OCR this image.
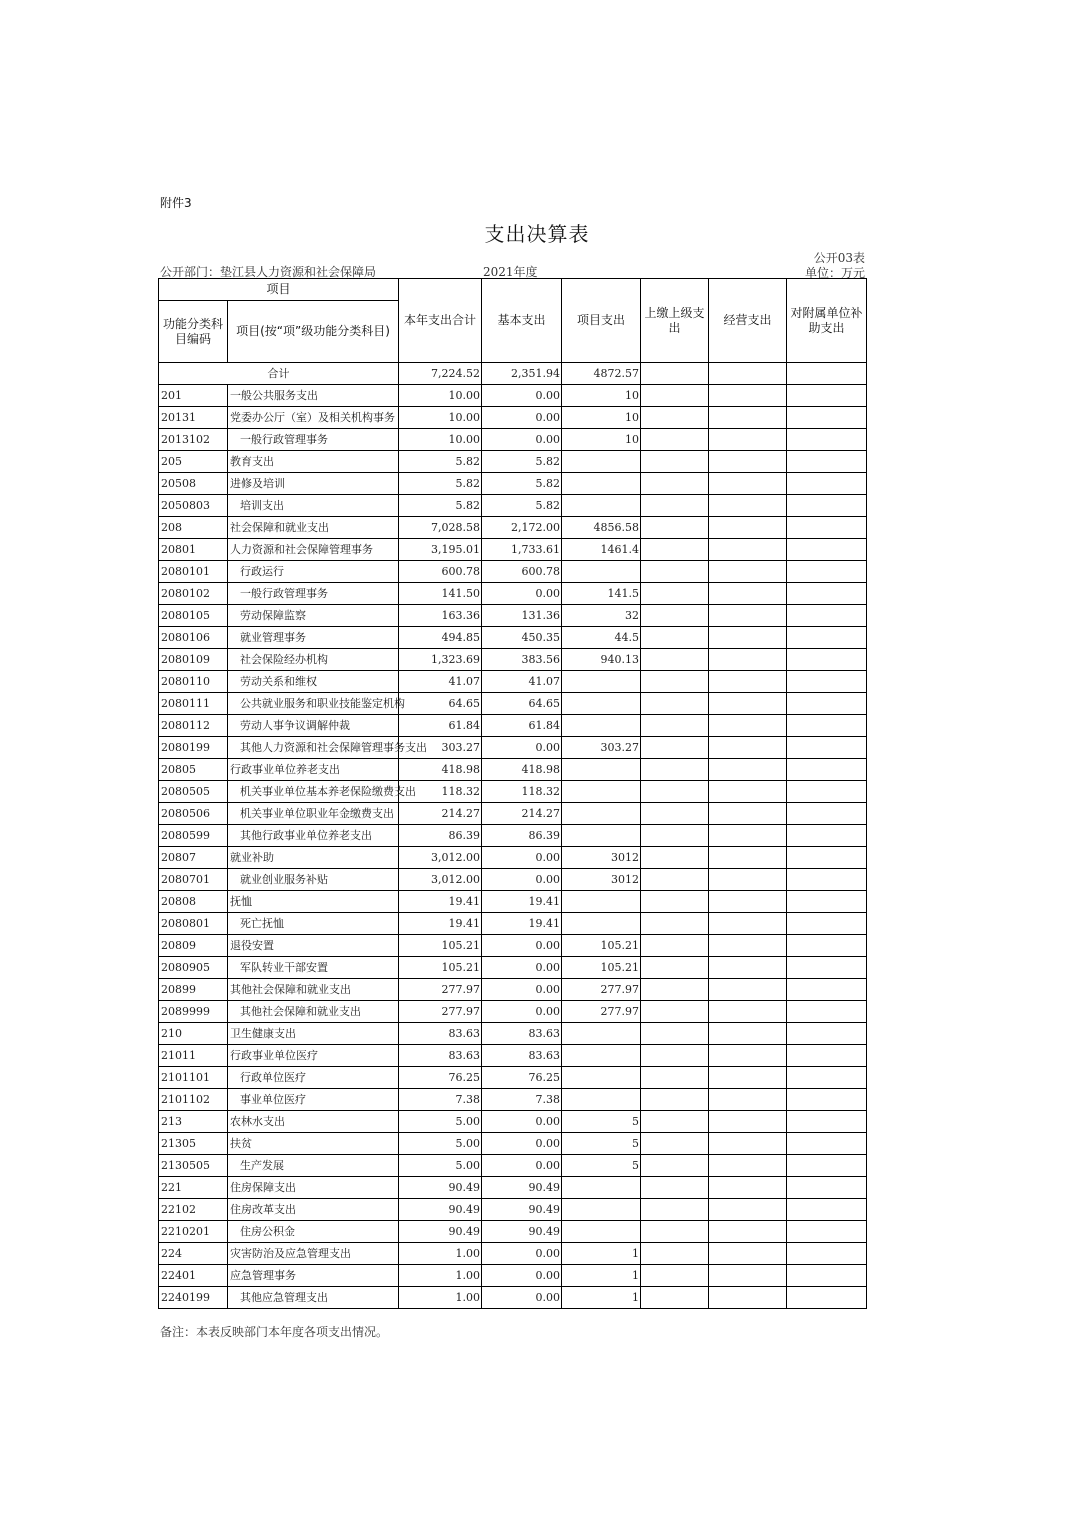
附件3
支出决算表
公开部门：垫江县人力资源和社会保障局	2021年度
公开03表
单位：万元
项目		本年支出合计	基本支出	项目支出	上缴上级支出	经营支出	对附属单位补助支出
功能分类科目编码	项目(按“项”级功能分类科目)						
合计		7,224.52	2,351.94	4872.57			
201	一般公共服务支出	10.00	0.00	10			
20131	党委办公厅（室）及相关机构事务	10.00	0.00	10			
2013102	一般行政管理事务	10.00	0.00	10			
205	教育支出	5.82	5.82				
20508	进修及培训	5.82	5.82				
2050803	培训支出	5.82	5.82				
208	社会保障和就业支出	7,028.58	2,172.00	4856.58			
20801	人力资源和社会保障管理事务	3,195.01	1,733.61	1461.4			
2080101	行政运行	600.78	600.78				
2080102	一般行政管理事务	141.50	0.00	141.5			
2080105	劳动保障监察	163.36	131.36	32			
2080106	就业管理事务	494.85	450.35	44.5			
2080109	社会保险经办机构	1,323.69	383.56	940.13			
2080110	劳动关系和维权	41.07	41.07				
2080111	公共就业服务和职业技能鉴定机构	64.65	64.65				
2080112	劳动人事争议调解仲裁	61.84	61.84				
2080199	其他人力资源和社会保障管理事务支出	303.27	0.00	303.27			
20805	行政事业单位养老支出	418.98	418.98				
2080505	机关事业单位基本养老保险缴费支出	118.32	118.32				
2080506	机关事业单位职业年金缴费支出	214.27	214.27				
2080599	其他行政事业单位养老支出	86.39	86.39				
20807	就业补助	3,012.00	0.00	3012			
2080701	就业创业服务补贴	3,012.00	0.00	3012			
20808	抚恤	19.41	19.41				
2080801	死亡抚恤	19.41	19.41				
20809	退役安置	105.21	0.00	105.21			
2080905	军队转业干部安置	105.21	0.00	105.21			
20899	其他社会保障和就业支出	277.97	0.00	277.97			
2089999	其他社会保障和就业支出	277.97	0.00	277.97			
210	卫生健康支出	83.63	83.63				
21011	行政事业单位医疗	83.63	83.63				
2101101	行政单位医疗	76.25	76.25				
2101102	事业单位医疗	7.38	7.38				
213	农林水支出	5.00	0.00	5			
21305	扶贫	5.00	0.00	5			
2130505	生产发展	5.00	0.00	5			
221	住房保障支出	90.49	90.49				
22102	住房改革支出	90.49	90.49				
2210201	住房公积金	90.49	90.49				
224	灾害防治及应急管理支出	1.00	0.00	1			
22401	应急管理事务	1.00	0.00	1			
2240199	其他应急管理支出	1.00	0.00	1			
备注：本表反映部门本年度各项支出情况。
